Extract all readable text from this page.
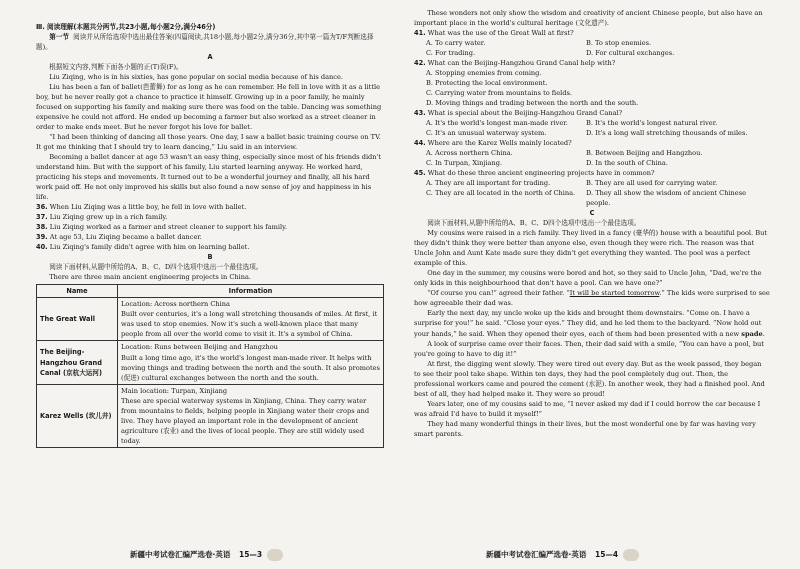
Ⅲ. 阅读理解(本题共分两节,共23小题,每小题2分,满分46分)

第一节 阅读并从所给选项中选出最佳答案(四篇阅读,共18小题,每小题2分,满分36分,其中第一篇为T/F判断选择题)。

A

根据短文内容,判断下面各小题的正(T)误(F)。

Liu Ziqing, who is in his sixties, has gone popular on social media because of his dance.

Liu has been a fan of ballet(芭蕾舞) for as long as he can remember. He fell in love with it as a little boy, but he never really got a chance to practice it himself. Growing up in a poor family, he mainly focused on supporting his family and making sure there was food on the table. Dancing was something expensive he could not afford. He ended up becoming a farmer but also worked as a street cleaner in order to make ends meet. But he never forgot his love for ballet.

“I had been thinking of dancing all those years. One day, I saw a ballet basic training course on TV. It got me thinking that I should try to learn dancing,” Liu said in an interview.

Becoming a ballet dancer at age 53 wasn't an easy thing, especially since most of his friends didn't understand him. But with the support of his family, Liu started learning anyway. He worked hard, practicing his steps and movements. It turned out to be a wonderful journey and finally, all his hard work paid off. He not only improved his skills but also found a new sense of joy and happiness in his life.

36. When Liu Ziqing was a little boy, he fell in love with ballet.

37. Liu Ziqing grew up in a rich family.

38. Liu Ziqing worked as a farmer and street cleaner to support his family.

39. At age 53, Liu Ziqing became a ballet dancer.

40. Liu Ziqing's family didn't agree with him on learning ballet.

B

阅读下面材料,从题中所给的A、B、C、D四个选项中选出一个最佳选项。

There are three main ancient engineering projects in China.

Name	Information
The Great Wall	Location: Across northern China

Built over centuries, it's a long wall stretching thousands of miles. At first, it was used to stop enemies. Now it's such a well-known place that many people from all over the world come to visit it. It's a symbol of China.

The Beijing-Hangzhou Grand Canal (京杭大运河)	Location: Runs between Beijing and Hangzhou

Built a long time ago, it's the world's longest man-made river. It helps with moving things and trading between the north and the south. It also promotes (促进) cultural exchanges between the north and the south.

Karez Wells (坎儿井)	Main location: Turpan, Xinjiang

These are special waterway systems in Xinjiang, China. They carry water from mountains to fields, helping people in Xinjiang water their crops and live. They have played an important role in the development of ancient agriculture (农业) and the lives of local people. They are still widely used today.

新疆中考试卷汇编严选卷·英语 15—3

These wonders not only show the wisdom and creativity of ancient Chinese people, but also have an important place in the world's cultural heritage (文化遗产).

41. What was the use of the Great Wall at first?

A. To carry water.	B. To stop enemies.
C. For trading.	D. For cultural exchanges.

42. What can the Beijing-Hangzhou Grand Canal help with?

A. Stopping enemies from coming.
B. Protecting the local environment.
C. Carrying water from mountains to fields.
D. Moving things and trading between the north and the south.

43. What is special about the Beijing-Hangzhou Grand Canal?

A. It's the world's longest man-made river.	B. It's the world's longest natural river.
C. It's an unusual waterway system.	D. It's a long wall stretching thousands of miles.

44. Where are the Karez Wells mainly located?

A. Across northern China.	B. Between Beijing and Hangzhou.
C. In Turpan, Xinjiang.	D. In the south of China.

45. What do these three ancient engineering projects have in common?

A. They are all important for trading.	B. They are all used for carrying water.
C. They are all located in the north of China.	D. They all show the wisdom of ancient Chinese people.

C

阅读下面材料,从题中所给的A、B、C、D四个选项中选出一个最佳选项。

My cousins were raised in a rich family. They lived in a fancy (豪华的) house with a beautiful pool. But they didn't think they were better than anyone else, even though they were rich. The reason was that Uncle John and Aunt Kate made sure they didn't get everything they wanted. The pool was a perfect example of this.

One day in the summer, my cousins were bored and hot, so they said to Uncle John, “Dad, we're the only kids in this neighbourhood that don't have a pool. Can we have one?”

“Of course you can!” agreed their father. “It will be started tomorrow.” The kids were surprised to see how agreeable their dad was.

Early the next day, my uncle woke up the kids and brought them downstairs. “Come on. I have a surprise for you!” he said. “Close your eyes.” They did, and he led them to the backyard. “Now hold out your hands,” he said. When they opened their eyes, each of them had been presented with a new spade.

A look of surprise came over their faces. Then, their dad said with a smile, “You can have a pool, but you're going to have to dig it!”

At first, the digging went slowly. They were tired out every day. But as the week passed, they began to see their pool take shape. Within ten days, they had the pool completely dug out. Then, the professional workers came and poured the cement (水泥). In another week, they had a finished pool. And best of all, they had helped make it. They were so proud!

Years later, one of my cousins said to me, “I never asked my dad if I could borrow the car because I was afraid I'd have to build it myself!”

They had many wonderful things in their lives, but the most wonderful one by far was having very smart parents.

新疆中考试卷汇编严选卷·英语 15—4
